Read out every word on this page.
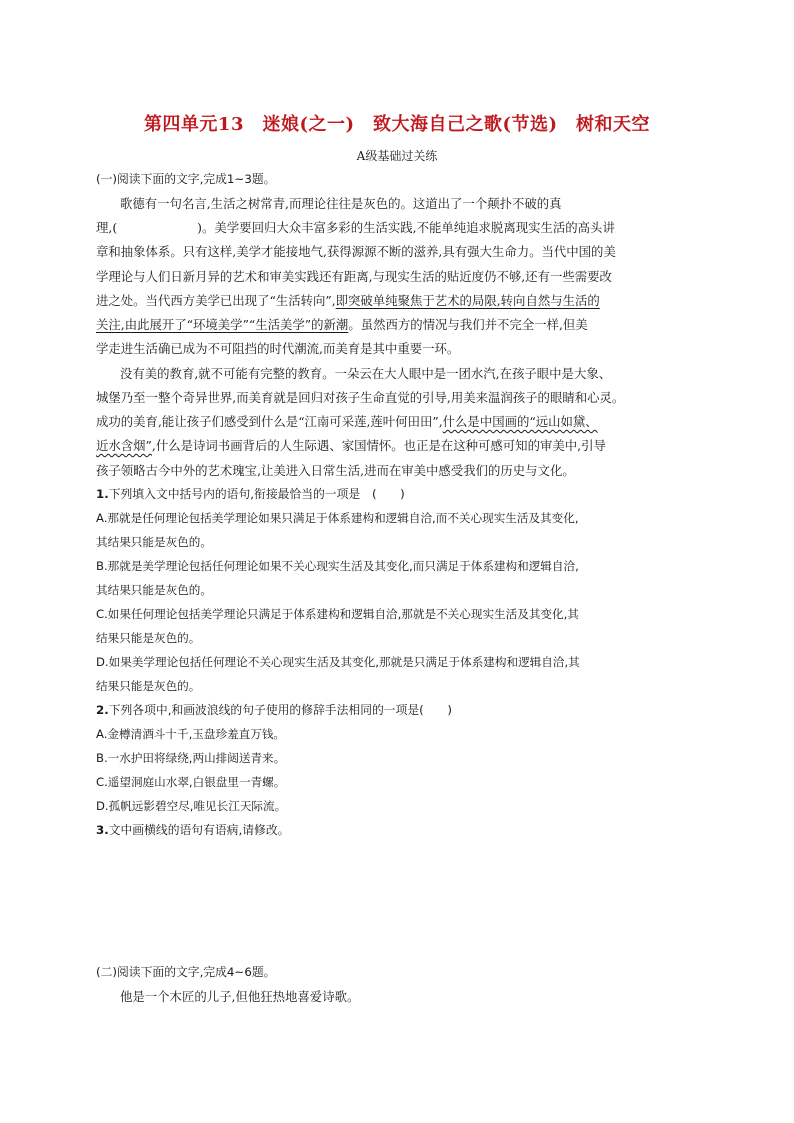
第四单元13　迷娘(之一)　致大海自己之歌(节选)　树和天空
A级基础过关练
(一)阅读下面的文字,完成1~3题。
歌德有一句名言,生活之树常青,而理论往往是灰色的。这道出了一个颠扑不破的真
理,(	)。美学要回归大众丰富多彩的生活实践,不能单纯追求脱离现实生活的高头讲
章和抽象体系。只有这样,美学才能接地气,获得源源不断的滋养,具有强大生命力。当代中国的美
学理论与人们日新月异的艺术和审美实践还有距离,与现实生活的贴近度仍不够,还有一些需要改
进之处。当代西方美学已出现了“生活转向”,即突破单纯聚焦于艺术的局限,转向自然与生活的
关注,由此展开了“环境美学”“生活美学”的新潮。虽然西方的情况与我们并不完全一样,但美
学走进生活确已成为不可阻挡的时代潮流,而美育是其中重要一环。
没有美的教育,就不可能有完整的教育。一朵云在大人眼中是一团水汽,在孩子眼中是大象、
城堡乃至一整个奇异世界,而美育就是回归对孩子生命直觉的引导,用美来温润孩子的眼睛和心灵。
成功的美育,能让孩子们感受到什么是“江南可采莲,莲叶何田田”,什么是中国画的“远山如黛、
近水含烟”,什么是诗词书画背后的人生际遇、家国情怀。也正是在这种可感可知的审美中,引导
孩子领略古今中外的艺术瑰宝,让美进入日常生活,进而在审美中感受我们的历史与文化。
1.下列填入文中括号内的语句,衔接最恰当的一项是　(　　)
A.那就是任何理论包括美学理论如果只满足于体系建构和逻辑自洽,而不关心现实生活及其变化,
其结果只能是灰色的。
B.那就是美学理论包括任何理论如果不关心现实生活及其变化,而只满足于体系建构和逻辑自洽,
其结果只能是灰色的。
C.如果任何理论包括美学理论只满足于体系建构和逻辑自洽,那就是不关心现实生活及其变化,其
结果只能是灰色的。
D.如果美学理论包括任何理论不关心现实生活及其变化,那就是只满足于体系建构和逻辑自洽,其
结果只能是灰色的。
2.下列各项中,和画波浪线的句子使用的修辞手法相同的一项是(　　)
A.金樽清酒斗十千,玉盘珍羞直万钱。
B.一水护田将绿绕,两山排闼送青来。
C.遥望洞庭山水翠,白银盘里一青螺。
D.孤帆远影碧空尽,唯见长江天际流。
3.文中画横线的语句有语病,请修改。
(二)阅读下面的文字,完成4~6题。
他是一个木匠的儿子,但他狂热地喜爱诗歌。
